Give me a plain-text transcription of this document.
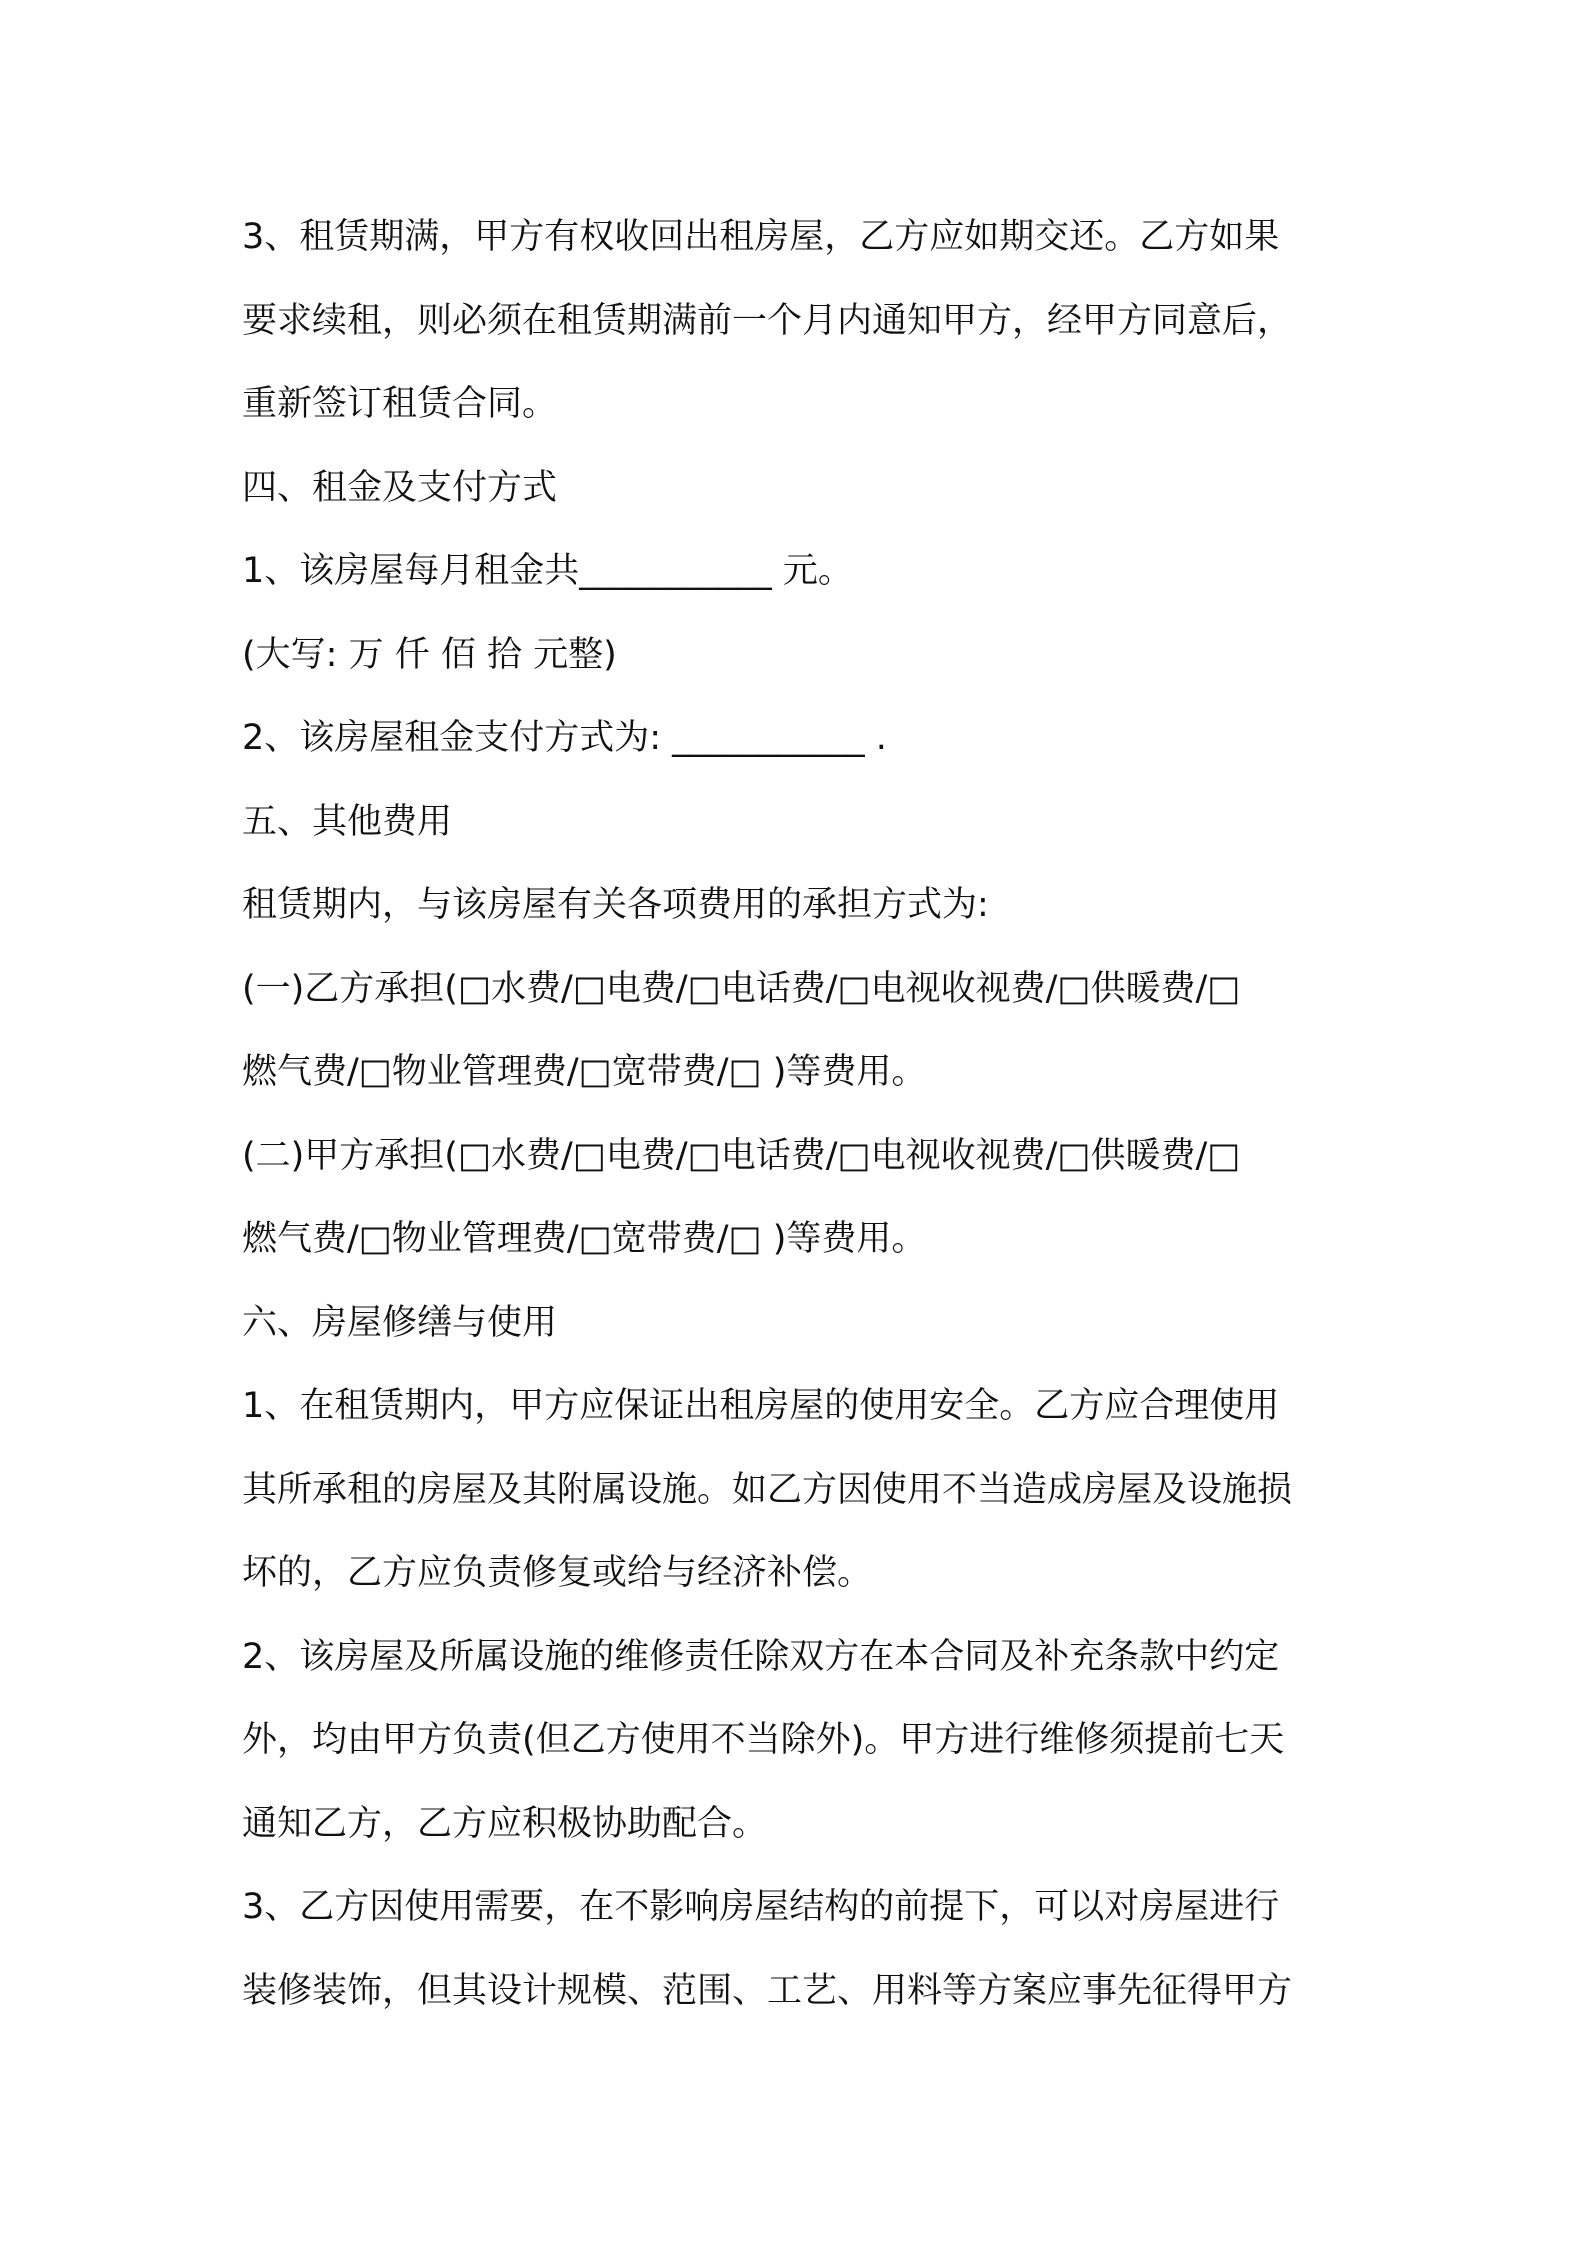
3、租赁期满，甲方有权收回出租房屋，乙方应如期交还。乙方如果
要求续租，则必须在租赁期满前一个月内通知甲方，经甲方同意后，
重新签订租赁合同。
四、租金及支付方式
1、该房屋每月租金共___________ 元。
(大写: 万 仟 佰 拾 元整)
2、该房屋租金支付方式为: ___________ .
五、其他费用
租赁期内，与该房屋有关各项费用的承担方式为:
(一)乙方承担(□水费/□电费/□电话费/□电视收视费/□供暖费/□
燃气费/□物业管理费/□宽带费/□ )等费用。
(二)甲方承担(□水费/□电费/□电话费/□电视收视费/□供暖费/□
燃气费/□物业管理费/□宽带费/□ )等费用。
六、房屋修缮与使用
1、在租赁期内，甲方应保证出租房屋的使用安全。乙方应合理使用
其所承租的房屋及其附属设施。如乙方因使用不当造成房屋及设施损
坏的，乙方应负责修复或给与经济补偿。
2、该房屋及所属设施的维修责任除双方在本合同及补充条款中约定
外，均由甲方负责(但乙方使用不当除外)。甲方进行维修须提前七天
通知乙方，乙方应积极协助配合。
3、乙方因使用需要，在不影响房屋结构的前提下，可以对房屋进行
装修装饰，但其设计规模、范围、工艺、用料等方案应事先征得甲方
